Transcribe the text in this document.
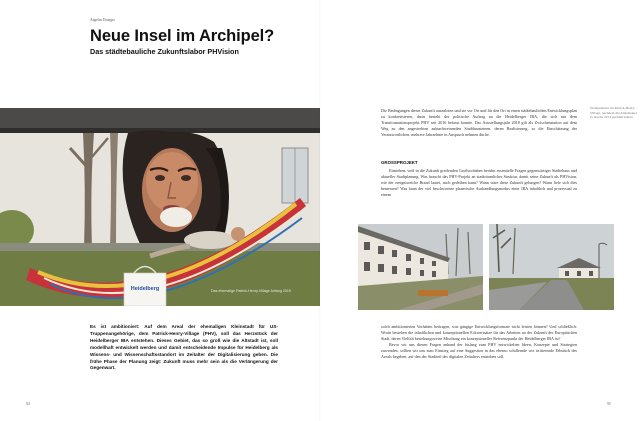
Angelus Eisinger
Neue Insel im Archipel?
Das städtebauliche Zukunftslabor PHVision
Heidelberg	Das ehemalige Patrick-Henry-Village Anfang 2019
Es ist ambitioniert: Auf dem Areal der ehemaligen Kleinstadt für US-Truppenangehörige, dem Patrick-Henry-Village (PHV), soll das Herzstück der Heidelberger IBA entstehen. Dieses Gebiet, das so groß wie die Altstadt ist, soll modellhaft entwickelt werden und damit entscheidende Impulse für Heidelberg als Wissens- und Wissenschaftsstandort im Zeitalter der Digitalisierung geben. Die frühe Phase der Planung zeigt: Zukunft muss mehr sein als die Verlängerung der Gegenwart.
94
Die Bedingungen dieser Zukunft auszuloten und sie vor Ort und für den Ort in einen städtebaulichen Entwicklungsplan zu konkretisieren, darin besteht der politische Auftrag an die Heidelberger IBA, die sich mit dem Transformationsprojekt PHV seit 2016 befasst konnte. Das Ausstellungsjahr 2018 gilt als Zwischenstation auf dem Weg zu den angestrebten zukunftweisenden Stadtbausteinen, deren Realisierung, so die Einschätzung der Verantwortlichen, mehrere Jahrzehnte in Anspruch nehmen dürfte.
Wohnquartier im Patrick-Henry-Village, nachdem die Amerikaner es bereits 2014 geräumt hatten
GROSSPROJEKT
Einstehen, weil in die Zukunft greifenden Großvorhaben berührt essentielle Fragen gegenwärtiger Städtebaus und aktueller Stadtplanung. Was braucht das PHV-Projekt an stadträumlicher Struktur, damit seine Zukunft als PHVision, wie der ereignisreiche Brand lautet, auch gedeihen kann? Wann wäre diese Zukunft gelungen? Wann fiele sich dies bemessen? Was kann der viel beschworene planerische Aushandlungsmodus einer IBA inhaltlich und prozessual zu einem

solch ambitionierten Vorhaben beitragen, was gängige Entwicklungsformate nicht leisten können? Und schließlich: Worin bestehen die inhaltlichen und konzeptionellen Eckwertsätze für das Arbeiten an der Zukunft der Europäischen Stadt, deren Vielfalt bestehungsweise Mischung ein konzeptioneller Referenzpunkt der Heidelberger IBA ist?

Bevor wir uns diesen Fragen anhand der bislang zum PHV entwickelten Ideen, Konzepte und Strategien zuwenden, sollten wir uns zum Einstieg auf eine Suggestion in das ebenso schillernde wie irritierende Erbstück des Areals begeben, auf den der Stadtteil des digitalen Zeitalters entstehen soll.

95
